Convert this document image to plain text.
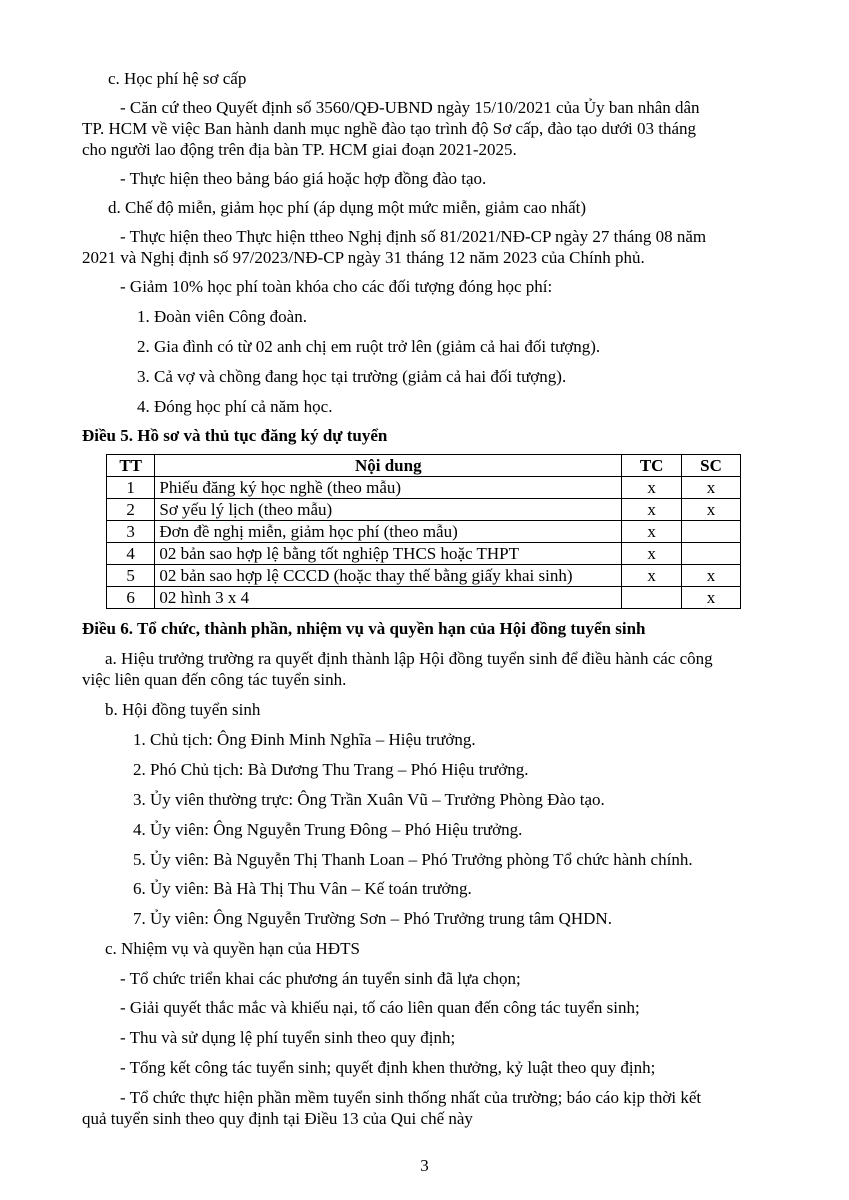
c. Học phí hệ sơ cấp
- Căn cứ theo Quyết định số 3560/QĐ-UBND ngày 15/10/2021 của Ủy ban nhân dân
TP. HCM về việc Ban hành danh mục nghề đào tạo trình độ Sơ cấp, đào tạo dưới 03 tháng
cho người lao động trên địa bàn TP. HCM giai đoạn 2021-2025.
- Thực hiện theo bảng báo giá hoặc hợp đồng đào tạo.
d. Chế độ miễn, giảm học phí (áp dụng một mức miễn, giảm cao nhất)
- Thực hiện theo Thực hiện ttheo Nghị định số 81/2021/NĐ-CP ngày 27 tháng 08 năm
2021 và Nghị định số 97/2023/NĐ-CP ngày 31 tháng 12 năm 2023 của Chính phủ.
- Giảm 10% học phí toàn khóa cho các đối tượng đóng học phí:
1. Đoàn viên Công đoàn.
2. Gia đình có từ 02 anh chị em ruột trở lên (giảm cả hai đối tượng).
3. Cả vợ và chồng đang học tại trường (giảm cả hai đối tượng).
4. Đóng học phí cả năm học.
Điều 5. Hồ sơ và thủ tục đăng ký dự tuyển
TT	Nội dung	TC	SC
1	Phiếu đăng ký học nghề (theo mẫu)	x	x
2	Sơ yếu lý lịch (theo mẫu)	x	x
3	Đơn đề nghị miễn, giảm học phí (theo mẫu)	x	
4	02 bản sao hợp lệ bằng tốt nghiệp THCS hoặc THPT	x	
5	02 bản sao hợp lệ CCCD (hoặc thay thế bằng giấy khai sinh)	x	x
6	02 hình 3 x 4		x
Điều 6. Tổ chức, thành phần, nhiệm vụ và quyền hạn của Hội đồng tuyển sinh
a. Hiệu trưởng trường ra quyết định thành lập Hội đồng tuyển sinh để điều hành các công
việc liên quan đến công tác tuyển sinh.
b. Hội đồng tuyển sinh
1. Chủ tịch: Ông Đinh Minh Nghĩa – Hiệu trưởng.
2. Phó Chủ tịch: Bà Dương Thu Trang – Phó Hiệu trưởng.
3. Ủy viên thường trực: Ông Trần Xuân Vũ – Trưởng Phòng Đào tạo.
4. Ủy viên: Ông Nguyễn Trung Đông – Phó Hiệu trưởng.
5. Ủy viên: Bà Nguyễn Thị Thanh Loan – Phó Trưởng phòng Tổ chức hành chính.
6. Ủy viên: Bà Hà Thị Thu Vân – Kế toán trưởng.
7. Ủy viên: Ông Nguyễn Trường Sơn – Phó Trưởng trung tâm QHDN.
c. Nhiệm vụ và quyền hạn của HĐTS
- Tổ chức triển khai các phương án tuyển sinh đã lựa chọn;
- Giải quyết thắc mắc và khiếu nại, tố cáo liên quan đến công tác tuyển sinh;
- Thu và sử dụng lệ phí tuyển sinh theo quy định;
- Tổng kết công tác tuyển sinh; quyết định khen thưởng, kỷ luật theo quy định;
- Tổ chức thực hiện phần mềm tuyển sinh thống nhất của trường; báo cáo kịp thời kết
quả tuyển sinh theo quy định tại Điều 13 của Qui chế này
3
